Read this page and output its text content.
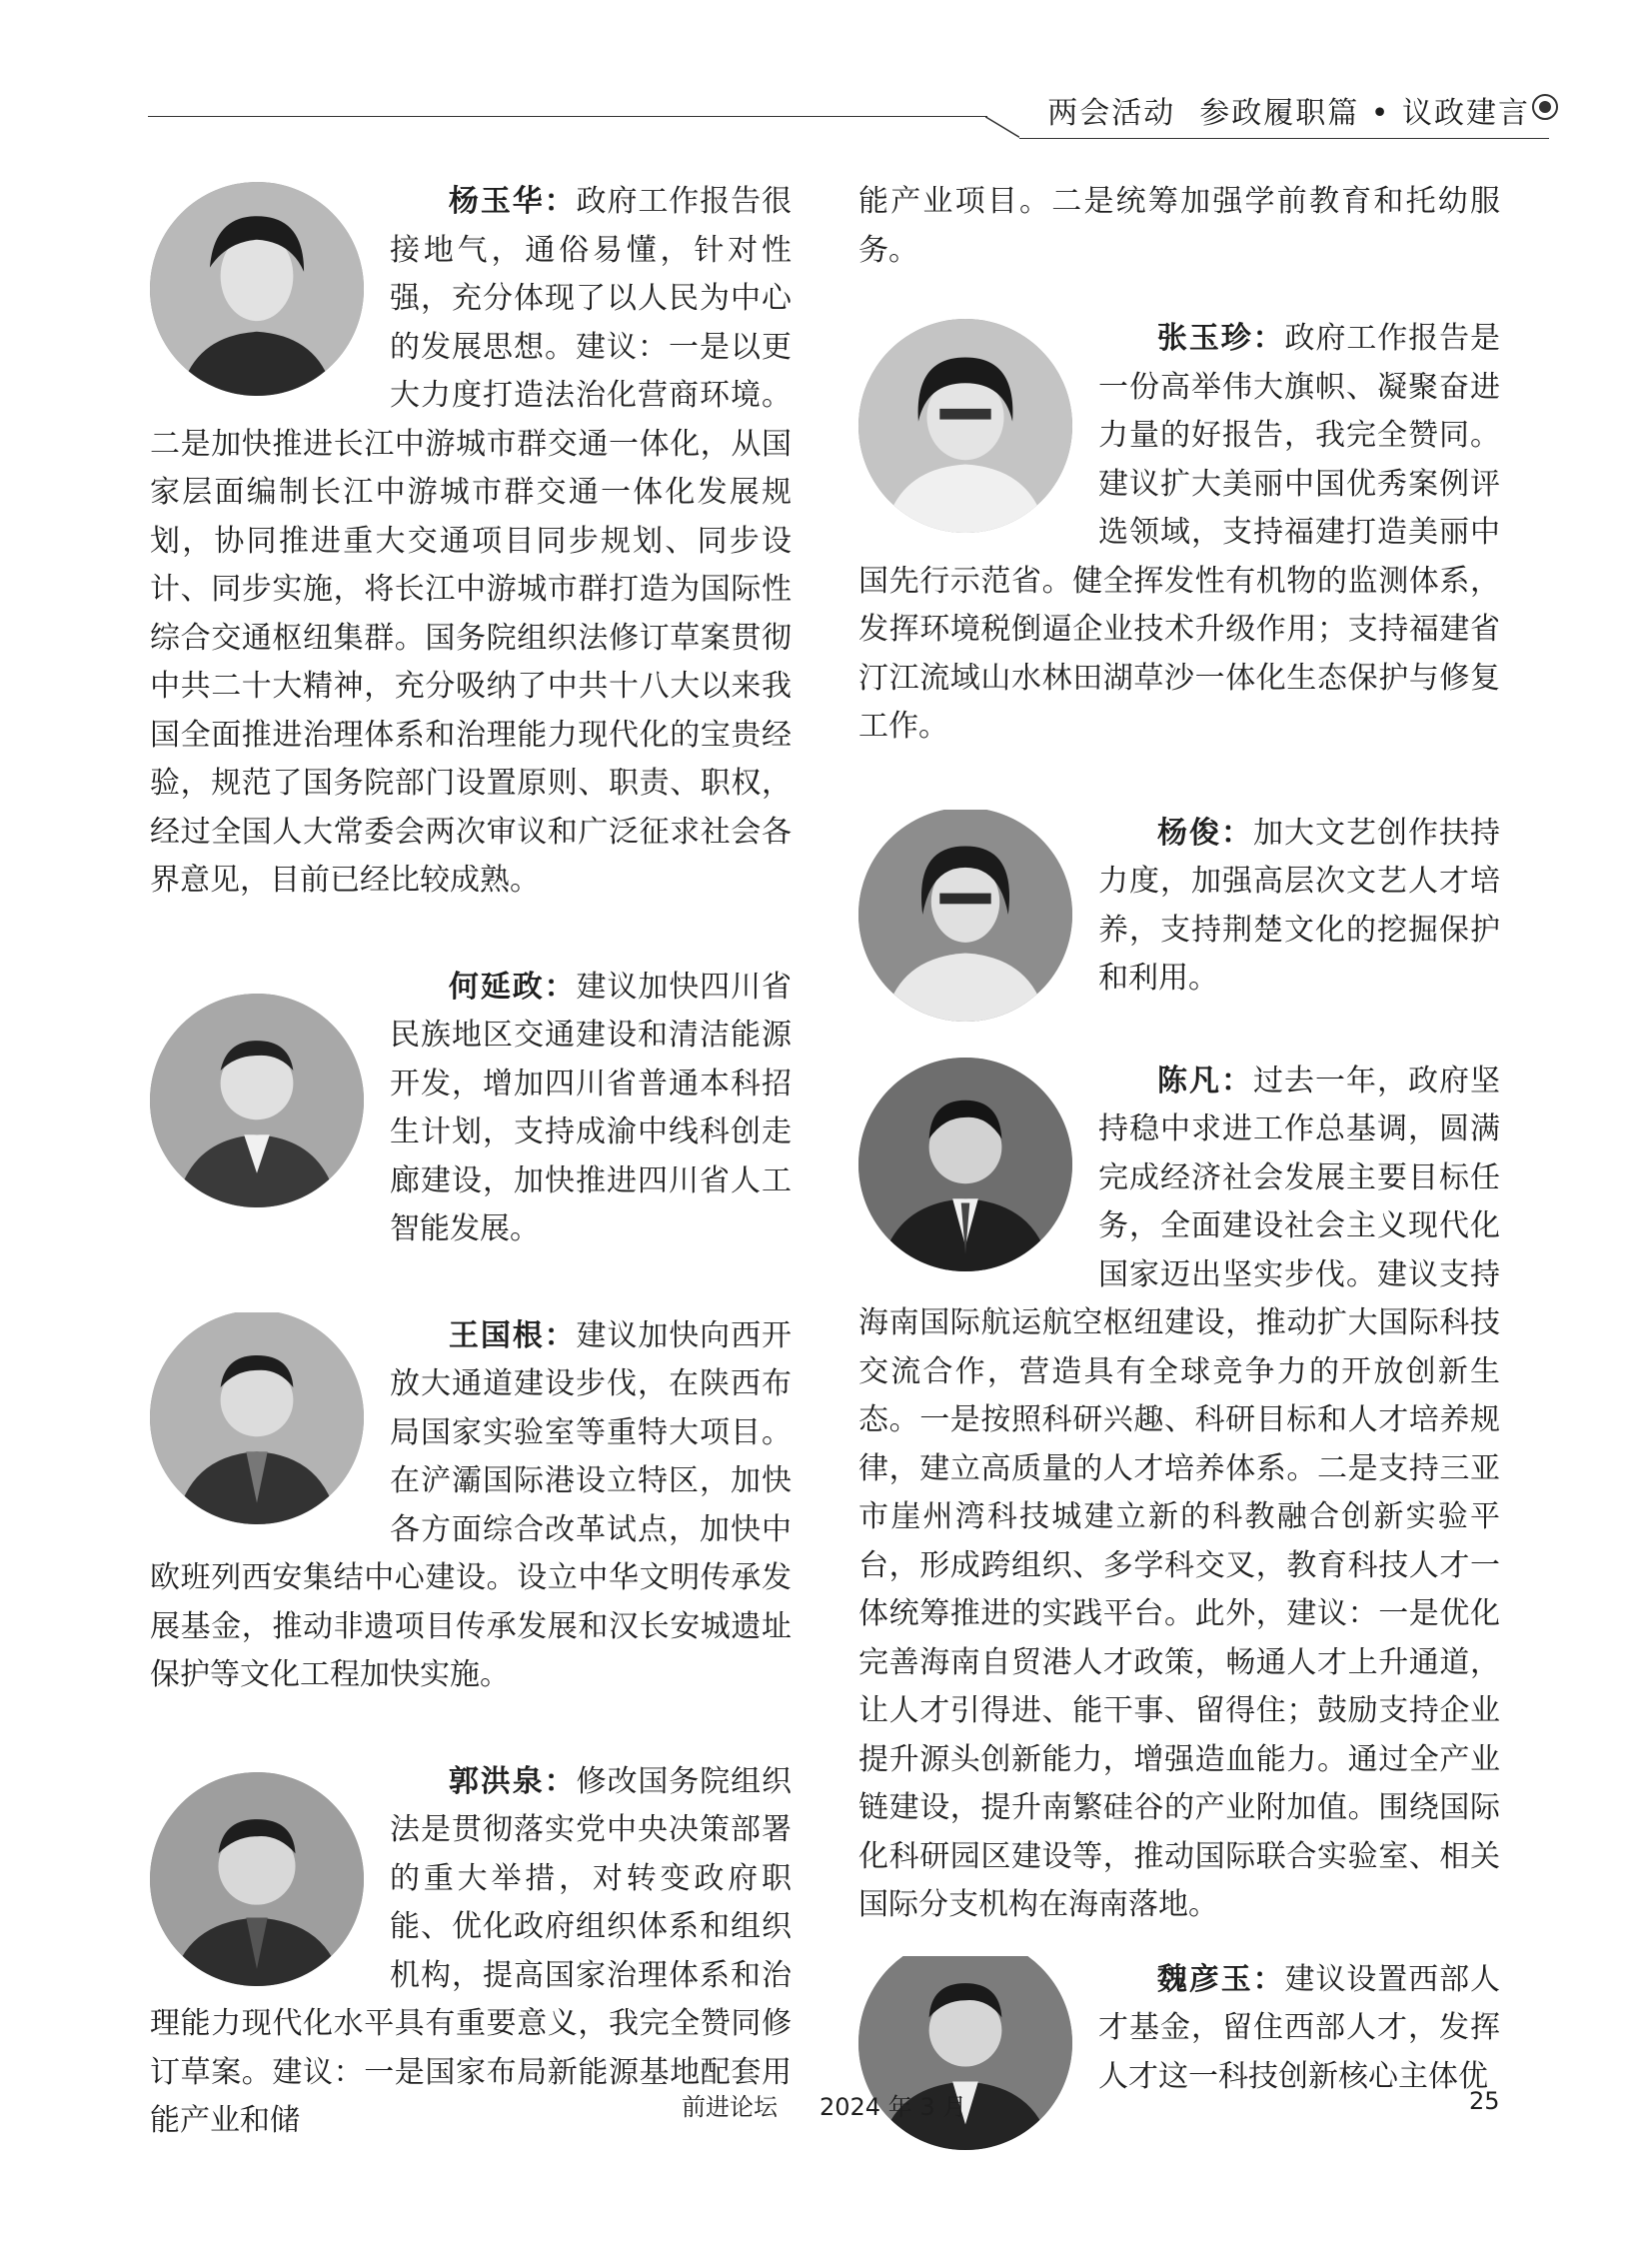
两会活动 参政履职篇 • 议政建言

杨玉华：政府工作报告很接地气，通俗易懂，针对性强，充分体现了以人民为中心的发展思想。建议：一是以更大力度打造法治化营商环境。二是加快推进长江中游城市群交通一体化，从国家层面编制长江中游城市群交通一体化发展规划，协同推进重大交通项目同步规划、同步设计、同步实施，将长江中游城市群打造为国际性综合交通枢纽集群。国务院组织法修订草案贯彻中共二十大精神，充分吸纳了中共十八大以来我国全面推进治理体系和治理能力现代化的宝贵经验，规范了国务院部门设置原则、职责、职权，经过全国人大常委会两次审议和广泛征求社会各界意见，目前已经比较成熟。

何延政：建议加快四川省民族地区交通建设和清洁能源开发，增加四川省普通本科招生计划，支持成渝中线科创走廊建设，加快推进四川省人工智能发展。

王国根：建议加快向西开放大通道建设步伐，在陕西布局国家实验室等重特大项目。在浐灞国际港设立特区，加快各方面综合改革试点，加快中欧班列西安集结中心建设。设立中华文明传承发展基金，推动非遗项目传承发展和汉长安城遗址保护等文化工程加快实施。

郭洪泉：修改国务院组织法是贯彻落实党中央决策部署的重大举措，对转变政府职能、优化政府组织体系和组织机构，提高国家治理体系和治理能力现代化水平具有重要意义，我完全赞同修订草案。建议：一是国家布局新能源基地配套用能产业和储

能产业项目。二是统筹加强学前教育和托幼服务。

张玉珍：政府工作报告是一份高举伟大旗帜、凝聚奋进力量的好报告，我完全赞同。建议扩大美丽中国优秀案例评选领域，支持福建打造美丽中国先行示范省。健全挥发性有机物的监测体系，发挥环境税倒逼企业技术升级作用；支持福建省汀江流域山水林田湖草沙一体化生态保护与修复工作。

杨俊：加大文艺创作扶持力度，加强高层次文艺人才培养，支持荆楚文化的挖掘保护和利用。

陈凡：过去一年，政府坚持稳中求进工作总基调，圆满完成经济社会发展主要目标任务，全面建设社会主义现代化国家迈出坚实步伐。建议支持海南国际航运航空枢纽建设，推动扩大国际科技交流合作，营造具有全球竞争力的开放创新生态。一是按照科研兴趣、科研目标和人才培养规律，建立高质量的人才培养体系。二是支持三亚市崖州湾科技城建立新的科教融合创新实验平台，形成跨组织、多学科交叉，教育科技人才一体统筹推进的实践平台。此外，建议：一是优化完善海南自贸港人才政策，畅通人才上升通道，让人才引得进、能干事、留得住；鼓励支持企业提升源头创新能力，增强造血能力。通过全产业链建设，提升南繁硅谷的产业附加值。围绕国际化科研园区建设等，推动国际联合实验室、相关国际分支机构在海南落地。

魏彦玉：建议设置西部人才基金，留住西部人才，发挥人才这一科技创新核心主体优

前进论坛 2024 年 3 月	25
